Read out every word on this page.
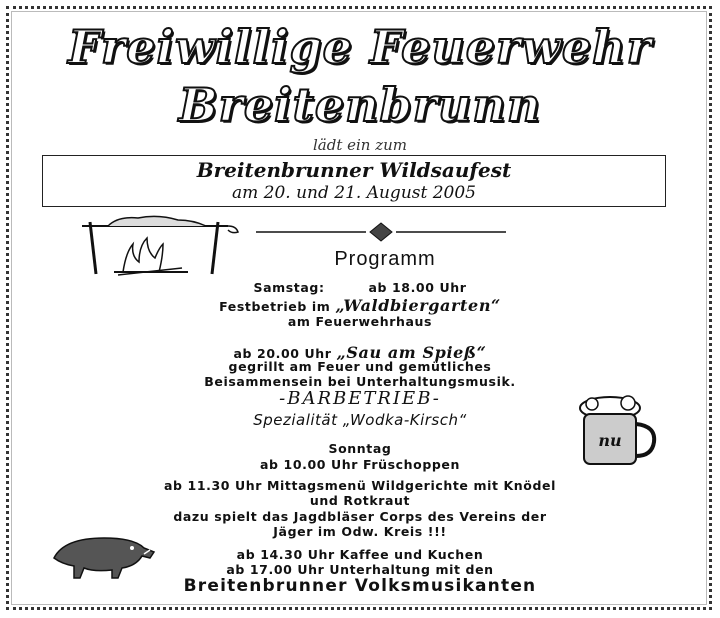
Freiwillige Feuerwehr
Breitenbrunn
lädt ein zum
Breitenbrunner Wildsaufest
am 20. und 21. August 2005
Programm
Samstag:	ab 18.00 Uhr
Festbetrieb im „Waldbiergarten“
am Feuerwehrhaus
ab 20.00 Uhr „Sau am Spieß“
gegrillt am Feuer und gemütliches
Beisammensein bei Unterhaltungsmusik.
-BARBETRIEB-
Spezialität „Wodka-Kirsch“
nu
Sonntag
ab 10.00 Uhr Früschoppen
ab 11.30 Uhr Mittagsmenü Wildgerichte mit Knödel
und Rotkraut
dazu spielt das Jagdbläser Corps des Vereins der
Jäger im Odw. Kreis !!!
ab 14.30 Uhr Kaffee und Kuchen
ab 17.00 Uhr Unterhaltung mit den
Breitenbrunner Volksmusikanten
